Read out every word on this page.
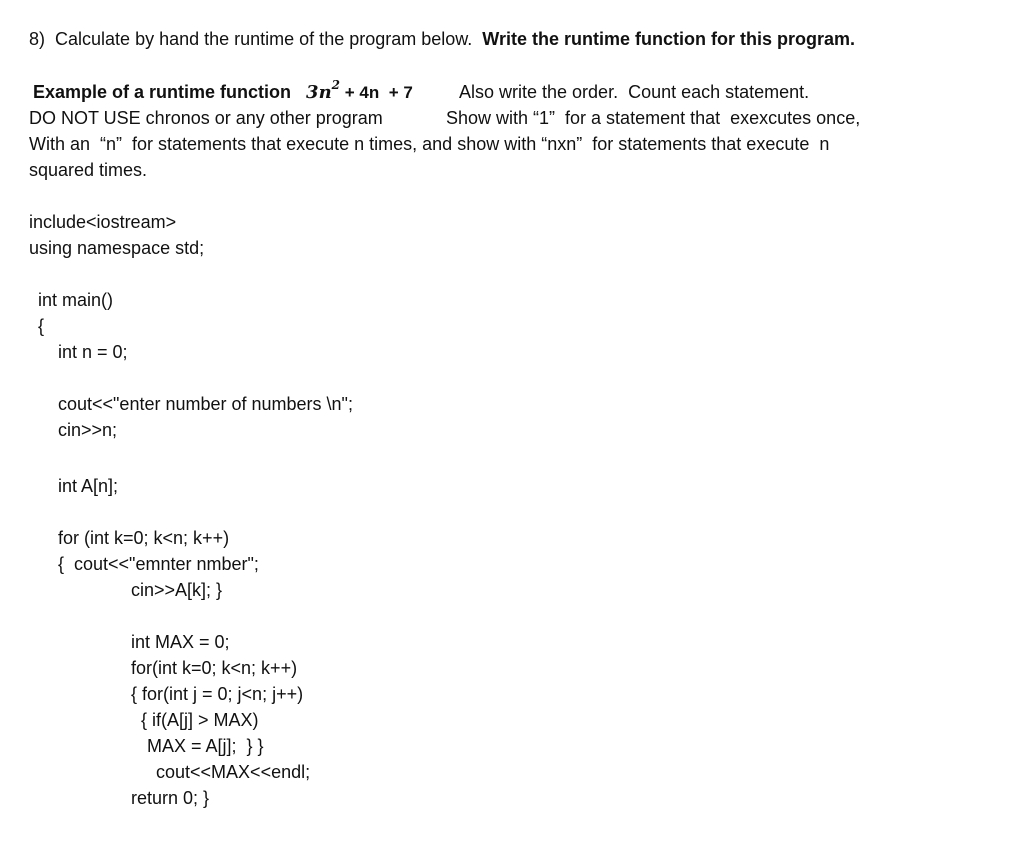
8) Calculate by hand the runtime of the program below. Write the runtime function for this program.
Example of a runtime function $3n^2 + 4n + 7$	Also write the order.  Count each statement.
DO NOT USE chronos or any other program	Show with “1”  for a statement that  exexcutes once,
With an  “n”  for statements that execute n times, and show with “nxn”  for statements that execute  n
squared times.
include<iostream>
using namespace std;
int main()
{
int n = 0;
cout<<"enter number of numbers \n";
cin>>n;
int A[n];
for (int k=0; k<n; k++)
{  cout<<"emnter nmber";
cin>>A[k]; }
int MAX = 0;
for(int k=0; k<n; k++)
{ for(int j = 0; j<n; j++)
{ if(A[j] > MAX)
MAX = A[j];  } }
cout<<MAX<<endl;
return 0; }
